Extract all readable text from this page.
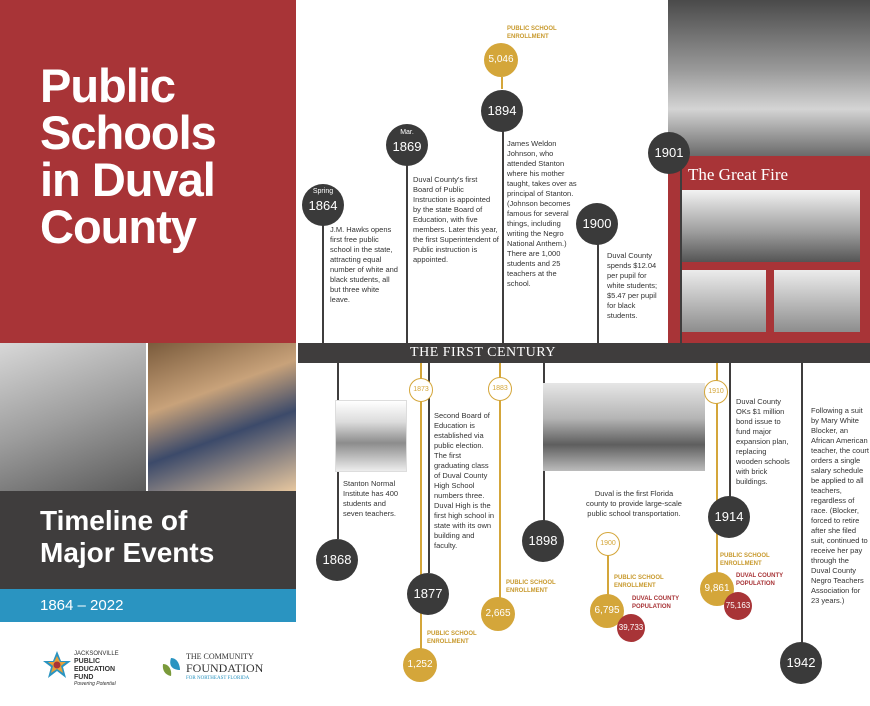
Public
Schools
in Duval
County
Timeline of
Major Events
1864 – 2022
JACKSONVILLE
PUBLIC
EDUCATION
FUND
Powering Potential
THE COMMUNITY
FOUNDATION
FOR NORTHEAST FLORIDA
The Great Fire
THE FIRST CENTURY
Spring
1864
J.M. Hawks opens first free public school in the state, attracting equal number of white and black students, all but three white leave.
Mar.
1869
Duval County's first Board of Public Instruction is appointed by the state Board of Education, with five members. Later this year, the first Superintendent of Public instruction is appointed.
PUBLIC SCHOOL ENROLLMENT
5,046
1894
James Weldon Johnson, who attended Stanton where his mother taught, takes over as principal of Stanton. (Johnson becomes famous for several things, including writing the Negro National Anthem.) There are 1,000 students and 25 teachers at the school.
1900
Duval County spends $12.04 per pupil for white students; $5.47 per pupil for black students.
1901
Stanton Normal Institute has 400 students and seven teachers.
1868
1873
Second Board of Education is established via public election. The first graduating class of Duval County High School numbers three. Duval High is the first high school in state with its own building and faculty.
1877
PUBLIC SCHOOL ENROLLMENT
1,252
1883
PUBLIC SCHOOL ENROLLMENT
2,665
Duval is the first Florida county to provide large-scale public school transportation.
1898	1900
PUBLIC SCHOOL ENROLLMENT
DUVAL COUNTY POPULATION
6,795
39,733
1910
Duval County OKs $1 million bond issue to fund major expansion plan, replacing wooden schools with brick buildings.
1914
PUBLIC SCHOOL ENROLLMENT
DUVAL COUNTY POPULATION
9,861
75,163
Following a suit by Mary White Blocker, an African American teacher, the court orders a single salary schedule be applied to all teachers, regardless of race. (Blocker, forced to retire after she filed suit, continued to receive her pay through the Duval County Negro Teachers Association for 23 years.)
1942
